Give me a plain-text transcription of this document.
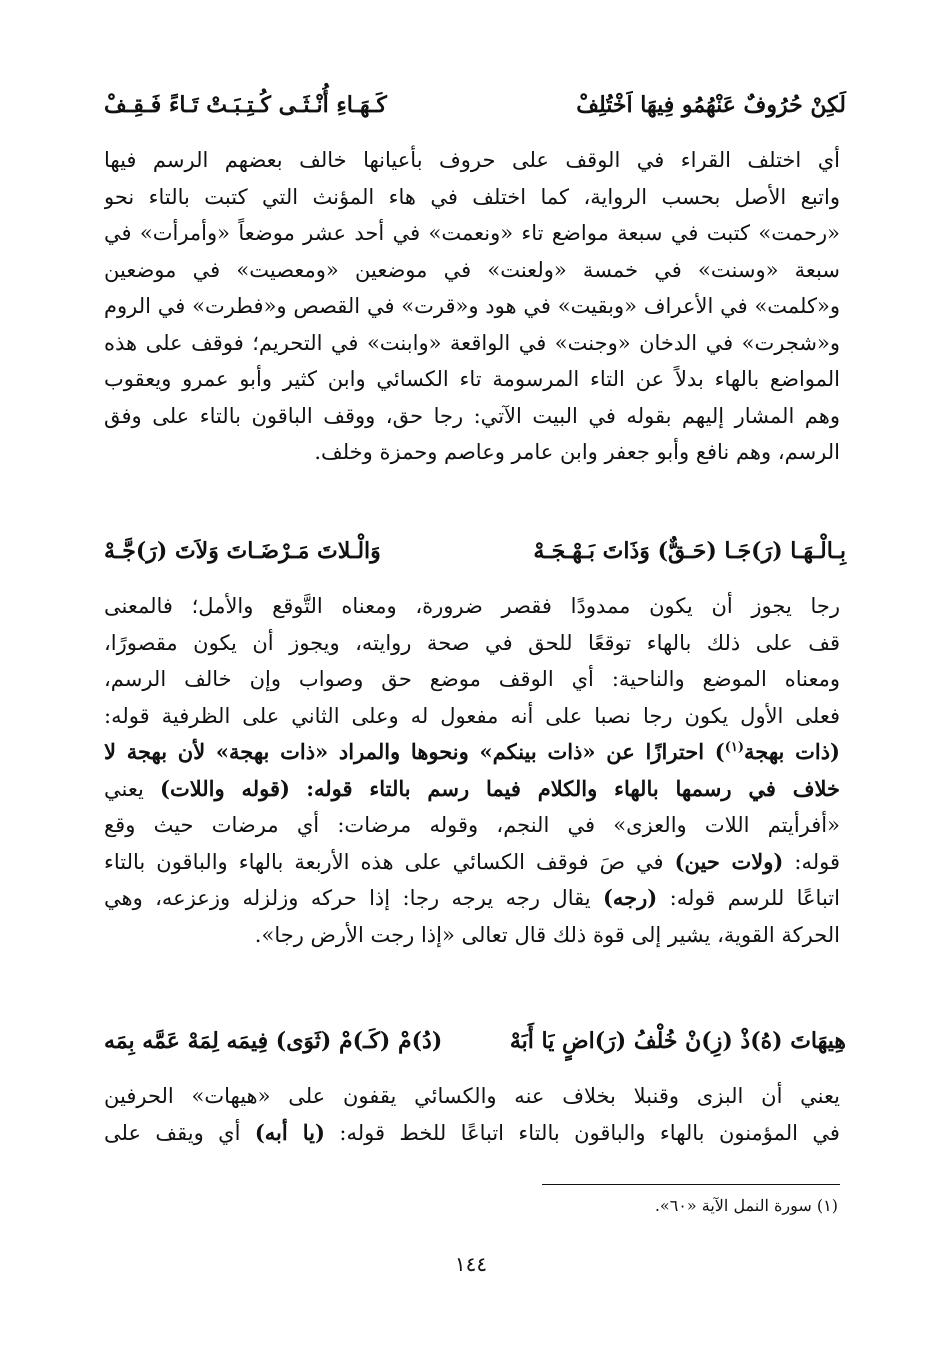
لَكِنْ حُرُوفٌ عَنْهُمُو فِيهَا اَخْتُلِفْ
كَـهَـاءِ أُنْـثَـى كُـتِـبَـتْ تَـاءً فَـقِـفْ
أي اختلف القراء في الوقف على حروف بأعيانها خالف بعضهم الرسم فيها
واتبع الأصل بحسب الرواية، كما اختلف في هاء المؤنث التي كتبت بالتاء نحو
«رحمت» كتبت في سبعة مواضع تاء «ونعمت» في أحد عشر موضعاً «وأمرأت» في
سبعة «وسنت» في خمسة «ولعنت» في موضعين «ومعصيت» في موضعين
و«كلمت» في الأعراف «وبقيت» في هود و«قرت» في القصص و«فطرت» في الروم
و«شجرت» في الدخان «وجنت» في الواقعة «وابنت» في التحريم؛ فوقف على هذه
المواضع بالهاء بدلاً عن التاء المرسومة تاء الكسائي وابن كثير وأبو عمرو ويعقوب
وهم المشار إليهم بقوله في البيت الآتي: رجا حق، ووقف الباقون بالتاء على وفق
الرسم، وهم نافع وأبو جعفر وابن عامر وعاصم وحمزة وخلف.
بِـالْـهَـا (رَ)جَـا (حَـقٌّ) وَذَاتَ بَـهْـجَـهْ
وَالْـلاتَ مَـرْضَـاتَ وَلاَتَ (رَ)جَّـهْ
رجا يجوز أن يكون ممدودًا فقصر ضرورة، ومعناه التَّوقع والأمل؛ فالمعنى
قف على ذلك بالهاء توقعًا للحق في صحة روايته، ويجوز أن يكون مقصورًا،
ومعناه الموضع والناحية: أي الوقف موضع حق وصواب وإن خالف الرسم،
فعلى الأول يكون رجا نصبا على أنه مفعول له وعلى الثاني على الظرفية قوله:
(ذات بهجة$^{(١)}$) احترازًا عن «ذات بينكم» ونحوها والمراد «ذات بهجة» لأن بهجة لا
خلاف في رسمها بالهاء والكلام فيما رسم بالتاء قوله: (قوله واللات) يعني
«أفرأيتم اللات والعزى» في النجم، وقوله مرضات: أي مرضات حيث وقع
قوله: (ولات حين) في صَ فوقف الكسائي على هذه الأربعة بالهاء والباقون بالتاء
اتباعًا للرسم قوله: (رجه) يقال رجه يرجه رجا: إذا حركه وزلزله وزعزعه، وهي
الحركة القوية، يشير إلى قوة ذلك قال تعالى «إذا رجت الأرض رجا».
هِيهَاتَ (هُ)ذْ (زِ)نْ خُلْفُ (رَ)اضٍ يَا أَبَهْ
(دُ)مْ (كَـ)مْ (ثَوَى) فِيمَه لِمَهْ عَمَّه بِمَه
يعني أن البزى وقنبلا بخلاف عنه والكسائي يقفون على «هيهات» الحرفين
في المؤمنون بالهاء والباقون بالتاء اتباعًا للخط قوله: (يا أبه) أي ويقف على
(١) سورة النمل الآية «٦٠».
١٤٤
